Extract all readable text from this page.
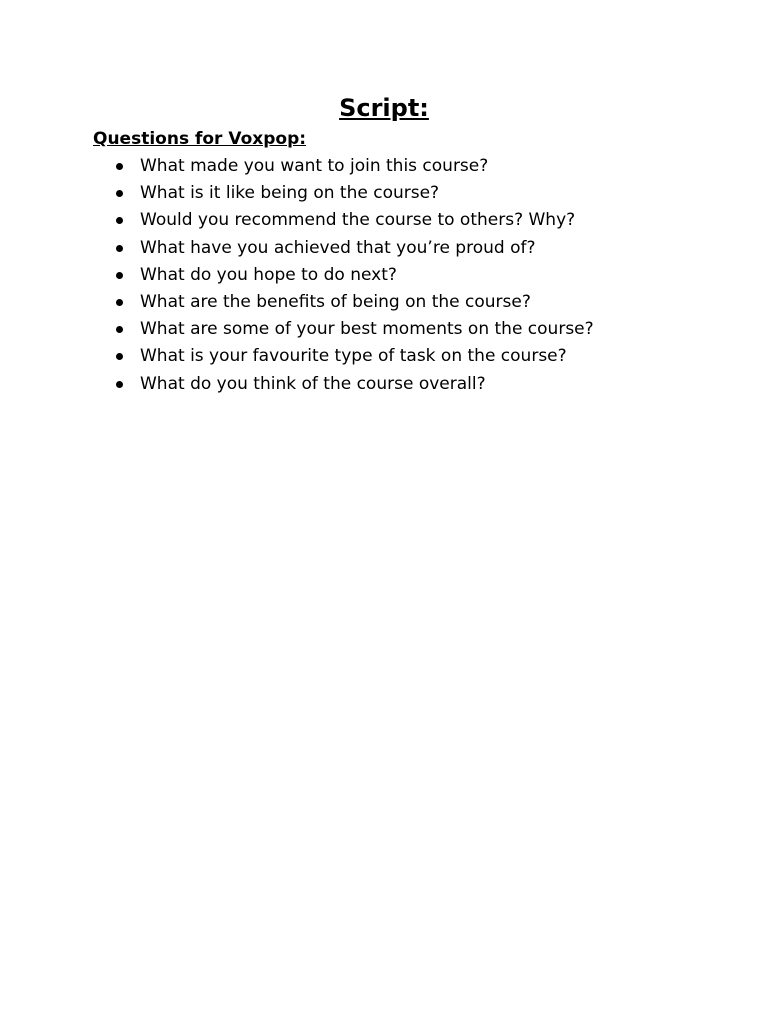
Script:
Questions for Voxpop:
What made you want to join this course?
What is it like being on the course?
Would you recommend the course to others? Why?
What have you achieved that you’re proud of?
What do you hope to do next?
What are the benefits of being on the course?
What are some of your best moments on the course?
What is your favourite type of task on the course?
What do you think of the course overall?
